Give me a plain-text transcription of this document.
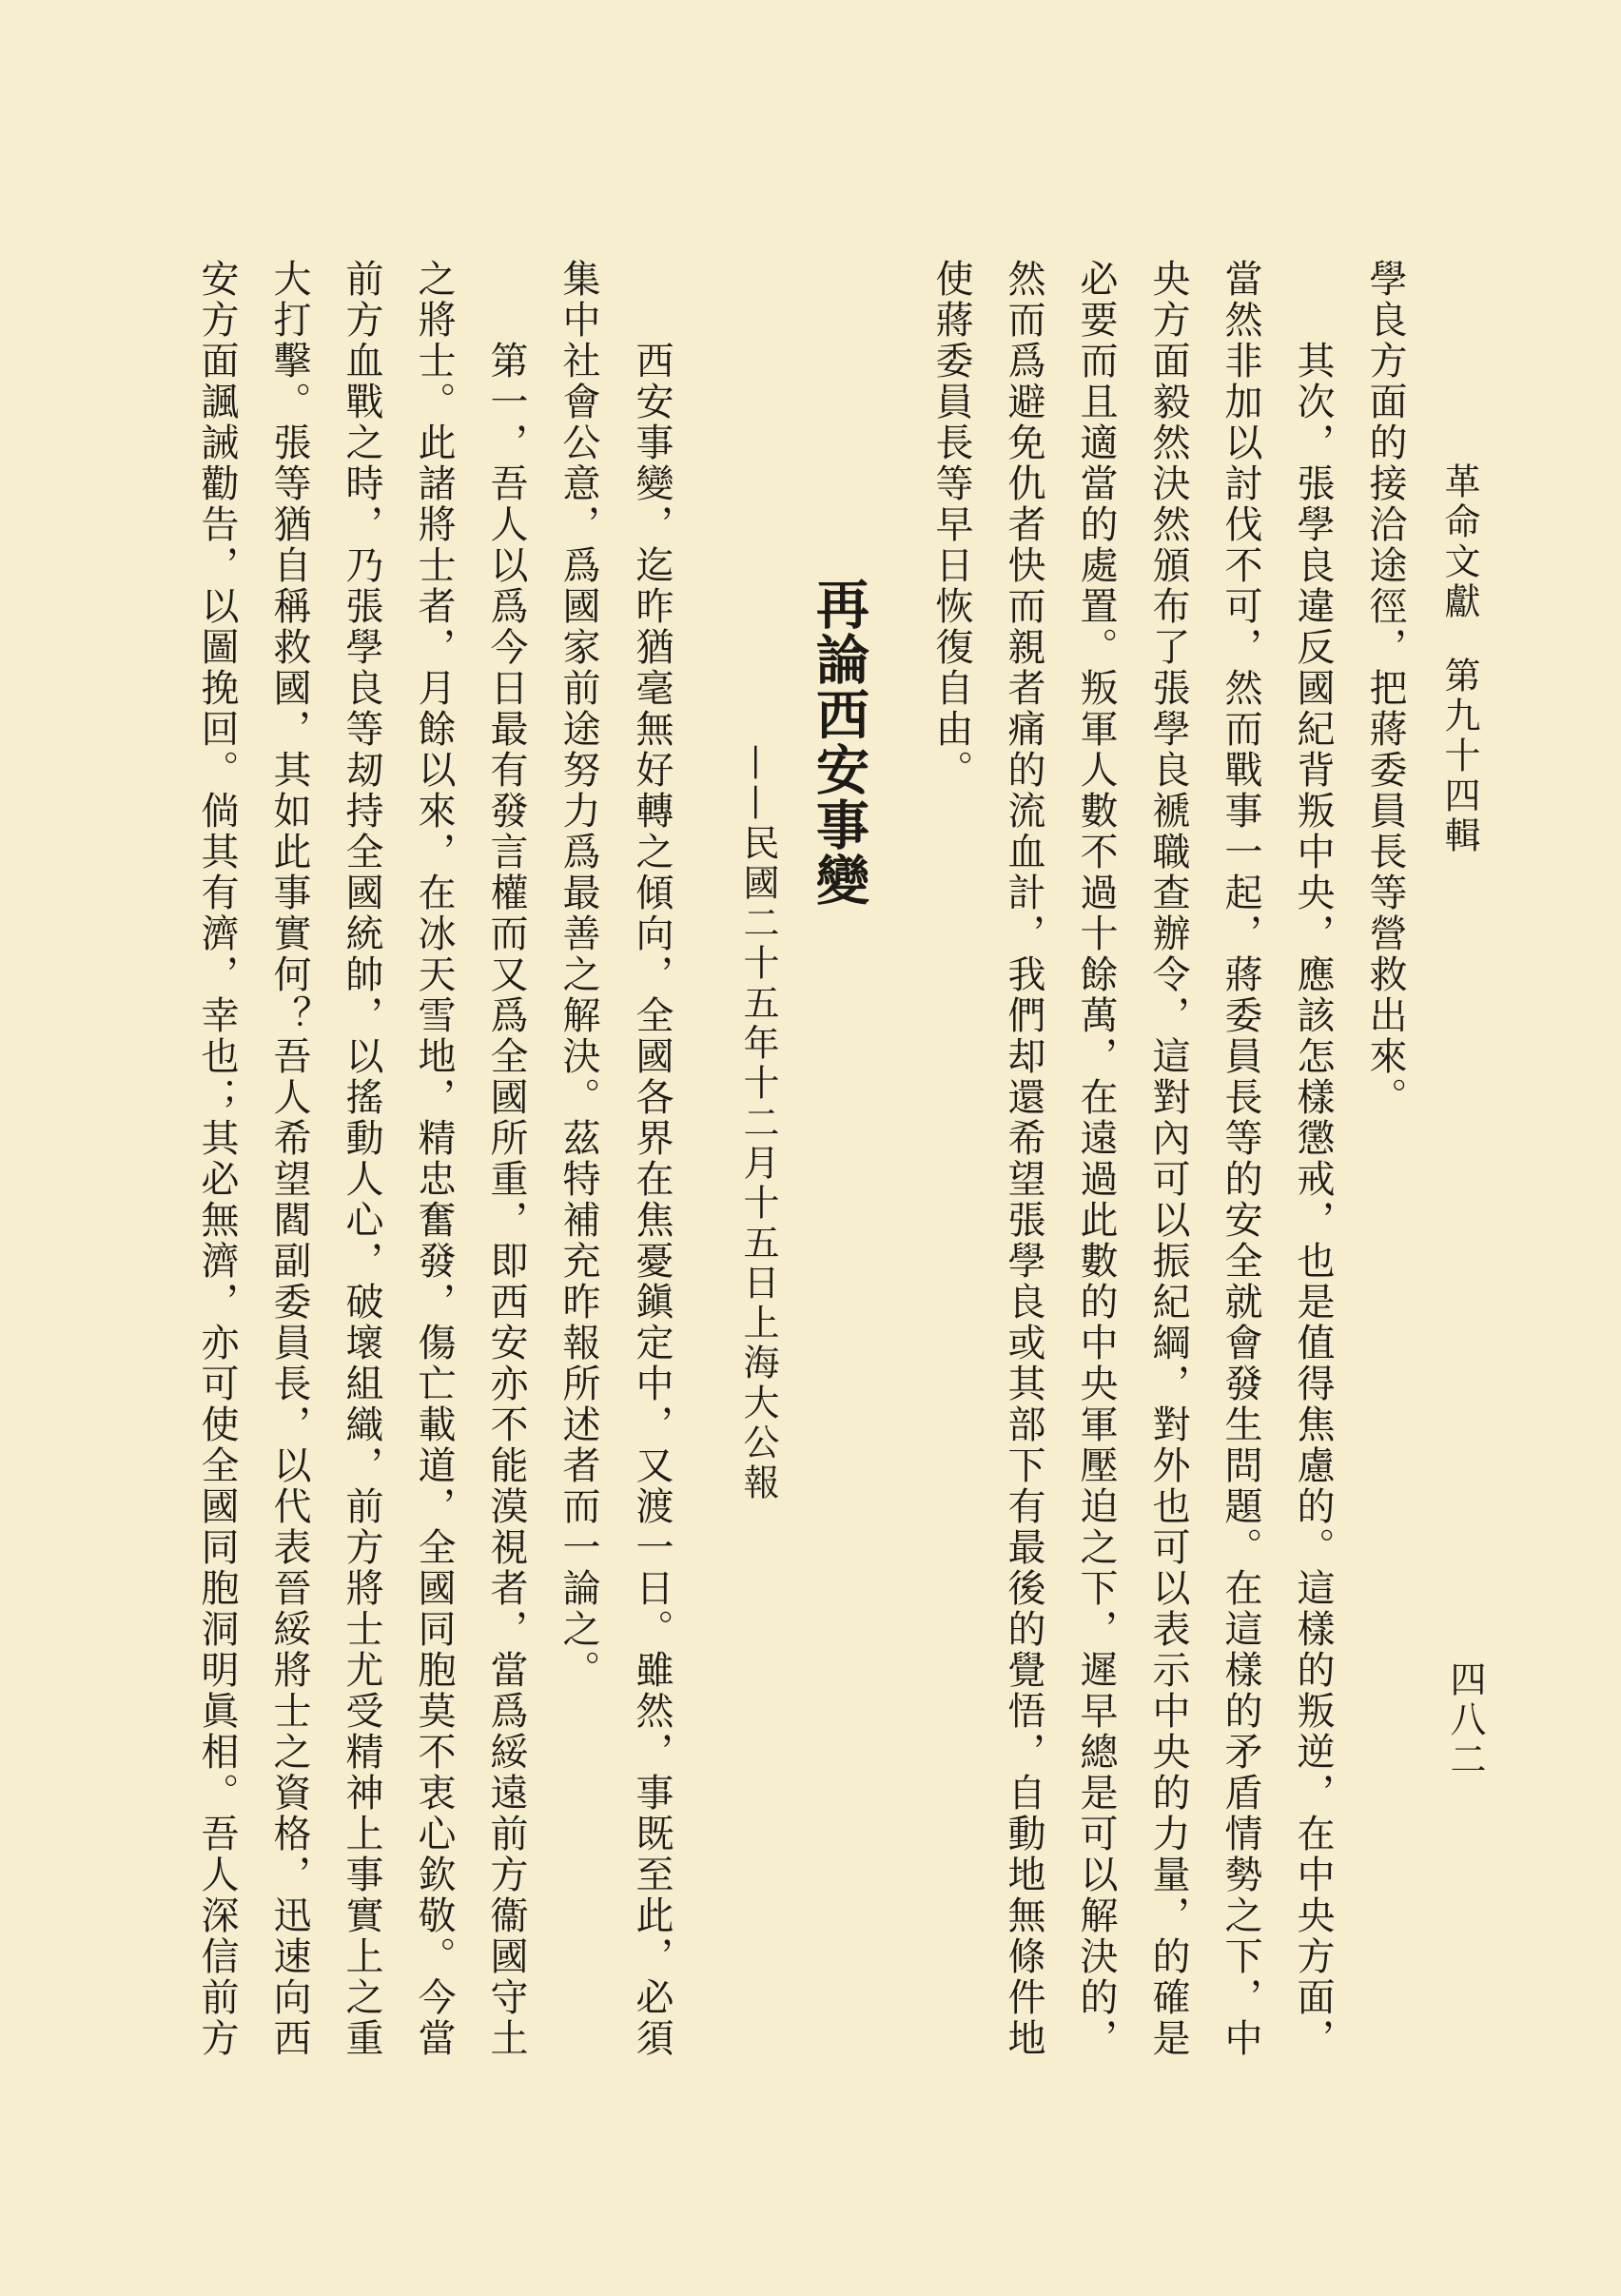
革命文獻
第九十四輯
四八二
學良方面的接洽途徑，把蔣委員長等營救出來。
其次，張學良違反國紀背叛中央，應該怎樣懲戒，也是值得焦慮的。這樣的叛逆，在中央方面，
當然非加以討伐不可，然而戰事一起，蔣委員長等的安全就會發生問題。在這樣的矛盾情勢之下，中
央方面毅然決然頒布了張學良褫職查辦令，這對內可以振紀綱，對外也可以表示中央的力量，的確是
必要而且適當的處置。叛軍人數不過十餘萬，在遠過此數的中央軍壓迫之下，遲早總是可以解決的，
然而爲避免仇者快而親者痛的流血計，我們却還希望張學良或其部下有最後的覺悟，自動地無條件地
使蔣委員長等早日恢復自由。
再論西安事變
——民國二十五年十二月十五日上海大公報
西安事變，迄昨猶毫無好轉之傾向，全國各界在焦憂鎭定中，又渡一日。雖然，事既至此，必須
集中社會公意，爲國家前途努力爲最善之解決。茲特補充昨報所述者而一論之。
第一，吾人以爲今日最有發言權而又爲全國所重，即西安亦不能漠視者，當爲綏遠前方衞國守土
之將士。此諸將士者，月餘以來，在冰天雪地，精忠奮發，傷亡載道，全國同胞莫不衷心欽敬。今當
前方血戰之時，乃張學良等刼持全國統帥，以搖動人心，破壞組織，前方將士尤受精神上事實上之重
大打擊。張等猶自稱救國，其如此事實何？吾人希望閻副委員長，以代表晉綏將士之資格，迅速向西
安方面諷誡勸告，以圖挽回。倘其有濟，幸也；其必無濟，亦可使全國同胞洞明眞相。吾人深信前方
